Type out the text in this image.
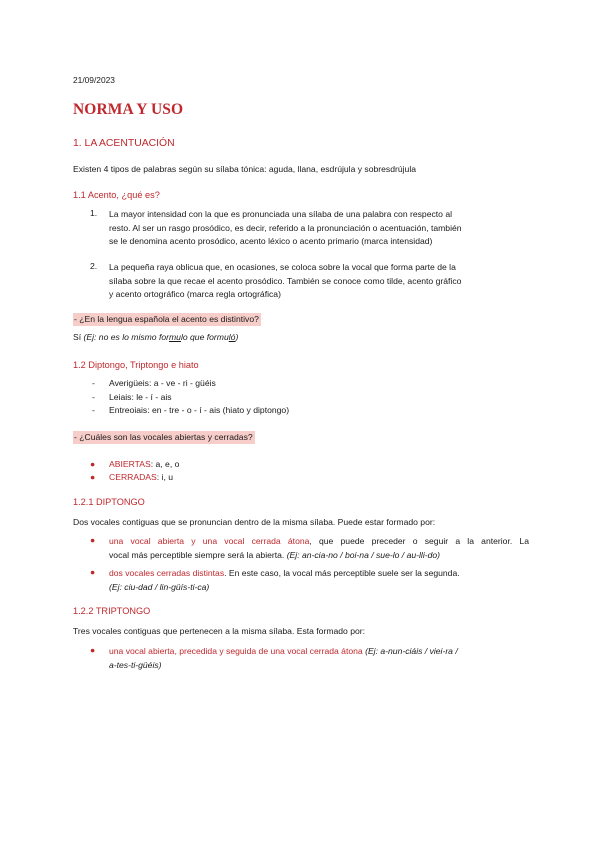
21/09/2023
NORMA Y USO
1. LA ACENTUACIÓN
Existen 4 tipos de palabras según su sílaba tónica: aguda, llana, esdrújula y sobresdrújula
1.1 Acento, ¿qué es?
1. La mayor intensidad con la que es pronunciada una sílaba de una palabra con respecto al
resto. Al ser un rasgo prosódico, es decir, referido a la pronunciación o acentuación, también
se le denomina acento prosódico, acento léxico o acento primario (marca intensidad)
2. La pequeña raya oblicua que, en ocasiones, se coloca sobre la vocal que forma parte de la
sílaba sobre la que recae el acento prosódico. También se conoce como tilde, acento gráfico
y acento ortográfico (marca regla ortográfica)
- ¿En la lengua española el acento es distintivo?
Sí (Ej: no es lo mismo formulo que formuló)
1.2 Diptongo, Triptongo e hiato
- Averigüeis: a - ve - ri - güéis
- Leiais: le - í - ais
- Entreoiais: en - tre - o - í - ais (hiato y diptongo)
- ¿Cuáles son las vocales abiertas y cerradas?
● ABIERTAS: a, e, o
● CERRADAS: i, u
1.2.1 DIPTONGO
Dos vocales contiguas que se pronuncian dentro de la misma sílaba. Puede estar formado por:
● una vocal abierta y una vocal cerrada átona, que puede preceder o seguir a la anterior. La
vocal más perceptible siempre será la abierta. (Ej: an-cia-no / boi-na / sue-lo / au-lli-do)
● dos vocales cerradas distintas. En este caso, la vocal más perceptible suele ser la segunda.
(Ej: ciu-dad / lin-güís-ti-ca)
1.2.2 TRIPTONGO
Tres vocales contiguas que pertenecen a la misma sílaba. Esta formado por:
● una vocal abierta, precedida y seguida de una vocal cerrada átona (Ej: a-nun-ciáis / viei-ra /
a-tes-ti-güéis)
